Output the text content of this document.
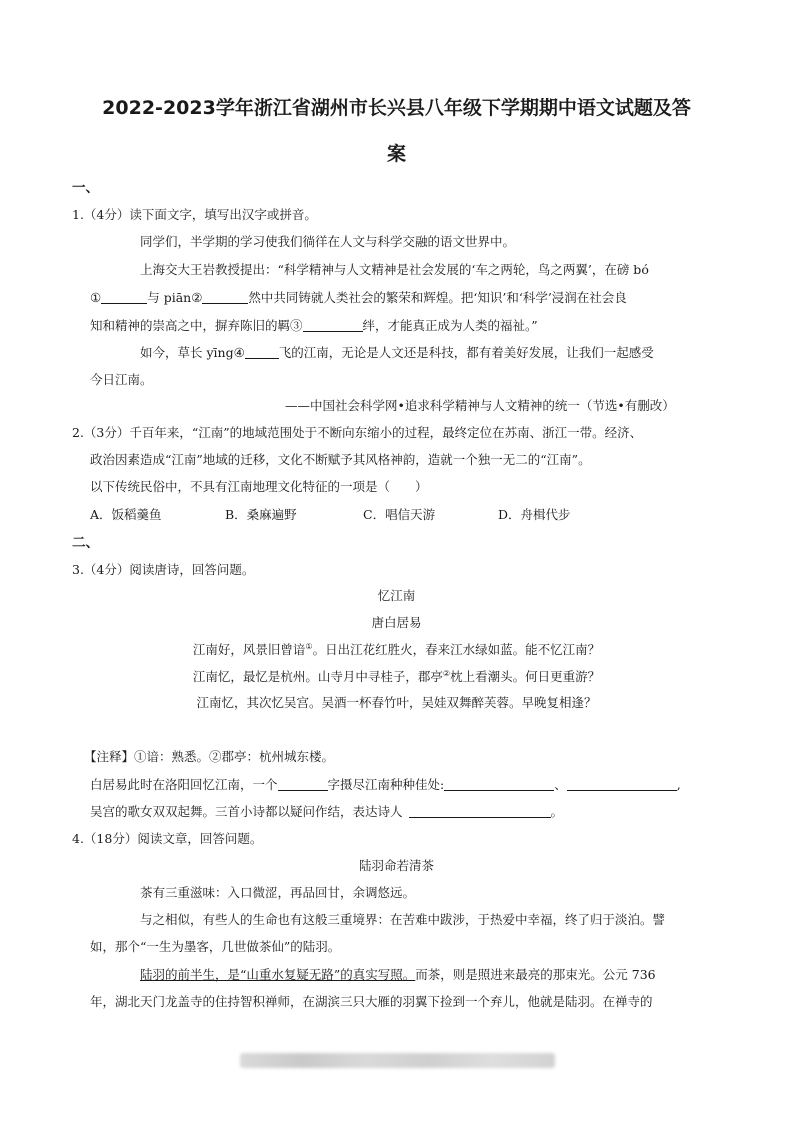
2022-2023学年浙江省湖州市长兴县八年级下学期期中语文试题及答
案
一、
1.（4分）读下面文字，填写出汉字或拼音。
同学们，半学期的学习使我们徜徉在人文与科学交融的语文世界中。
上海交大王岩教授提出：“科学精神与人文精神是社会发展的‘车之两轮，鸟之两翼’，在磅 bó
①	与 piān②	然中共同铸就人类社会的繁荣和辉煌。把‘知识’和‘科学’浸润在社会良
知和精神的崇高之中，摒弃陈旧的羁③	绊，才能真正成为人类的福祉。”
如今，草长 yīng④	飞的江南，无论是人文还是科技，都有着美好发展，让我们一起感受
今日江南。
——中国社会科学网•追求科学精神与人文精神的统一（节选•有删改）
2.（3分）千百年来，“江南”的地域范围处于不断向东缩小的过程，最终定位在苏南、浙江一带。经济、
政治因素造成“江南”地域的迁移，文化不断赋予其风格神韵，造就一个独一无二的“江南”。
以下传统民俗中，不具有江南地理文化特征的一项是（　　）
A．饭稻羹鱼	B．桑麻遍野	C．唱信天游	D．舟楫代步
二、
3.（4分）阅读唐诗，回答问题。
忆江南
唐白居易
江南好，风景旧曾谙①。日出江花红胜火，春来江水绿如蓝。能不忆江南？
江南忆，最忆是杭州。山寺月中寻桂子，郡亭②枕上看潮头。何日更重游？
江南忆，其次忆吴宫。吴酒一杯春竹叶，吴娃双舞醉芙蓉。早晚复相逢？
【注释】①谙：熟悉。②郡亭：杭州城东楼。
白居易此时在洛阳回忆江南，一个	字摄尽江南种种佳处:	、	,
吴宫的歌女双双起舞。三首小诗都以疑问作结，表达诗人	。
4.（18分）阅读文章，回答问题。
陆羽命若清茶
茶有三重滋味：入口微涩，再品回甘，余调悠远。
与之相似，有些人的生命也有这般三重境界：在苦难中跋涉，于热爱中幸福，终了归于淡泊。譬
如，那个“一生为墨客，几世做茶仙”的陆羽。
陆羽的前半生，是“山重水复疑无路”的真实写照。而茶，则是照进来最亮的那束光。公元 736
年，湖北天门龙盖寺的住持智积禅师，在湖滨三只大雁的羽翼下捡到一个弃儿，他就是陆羽。在禅寺的
